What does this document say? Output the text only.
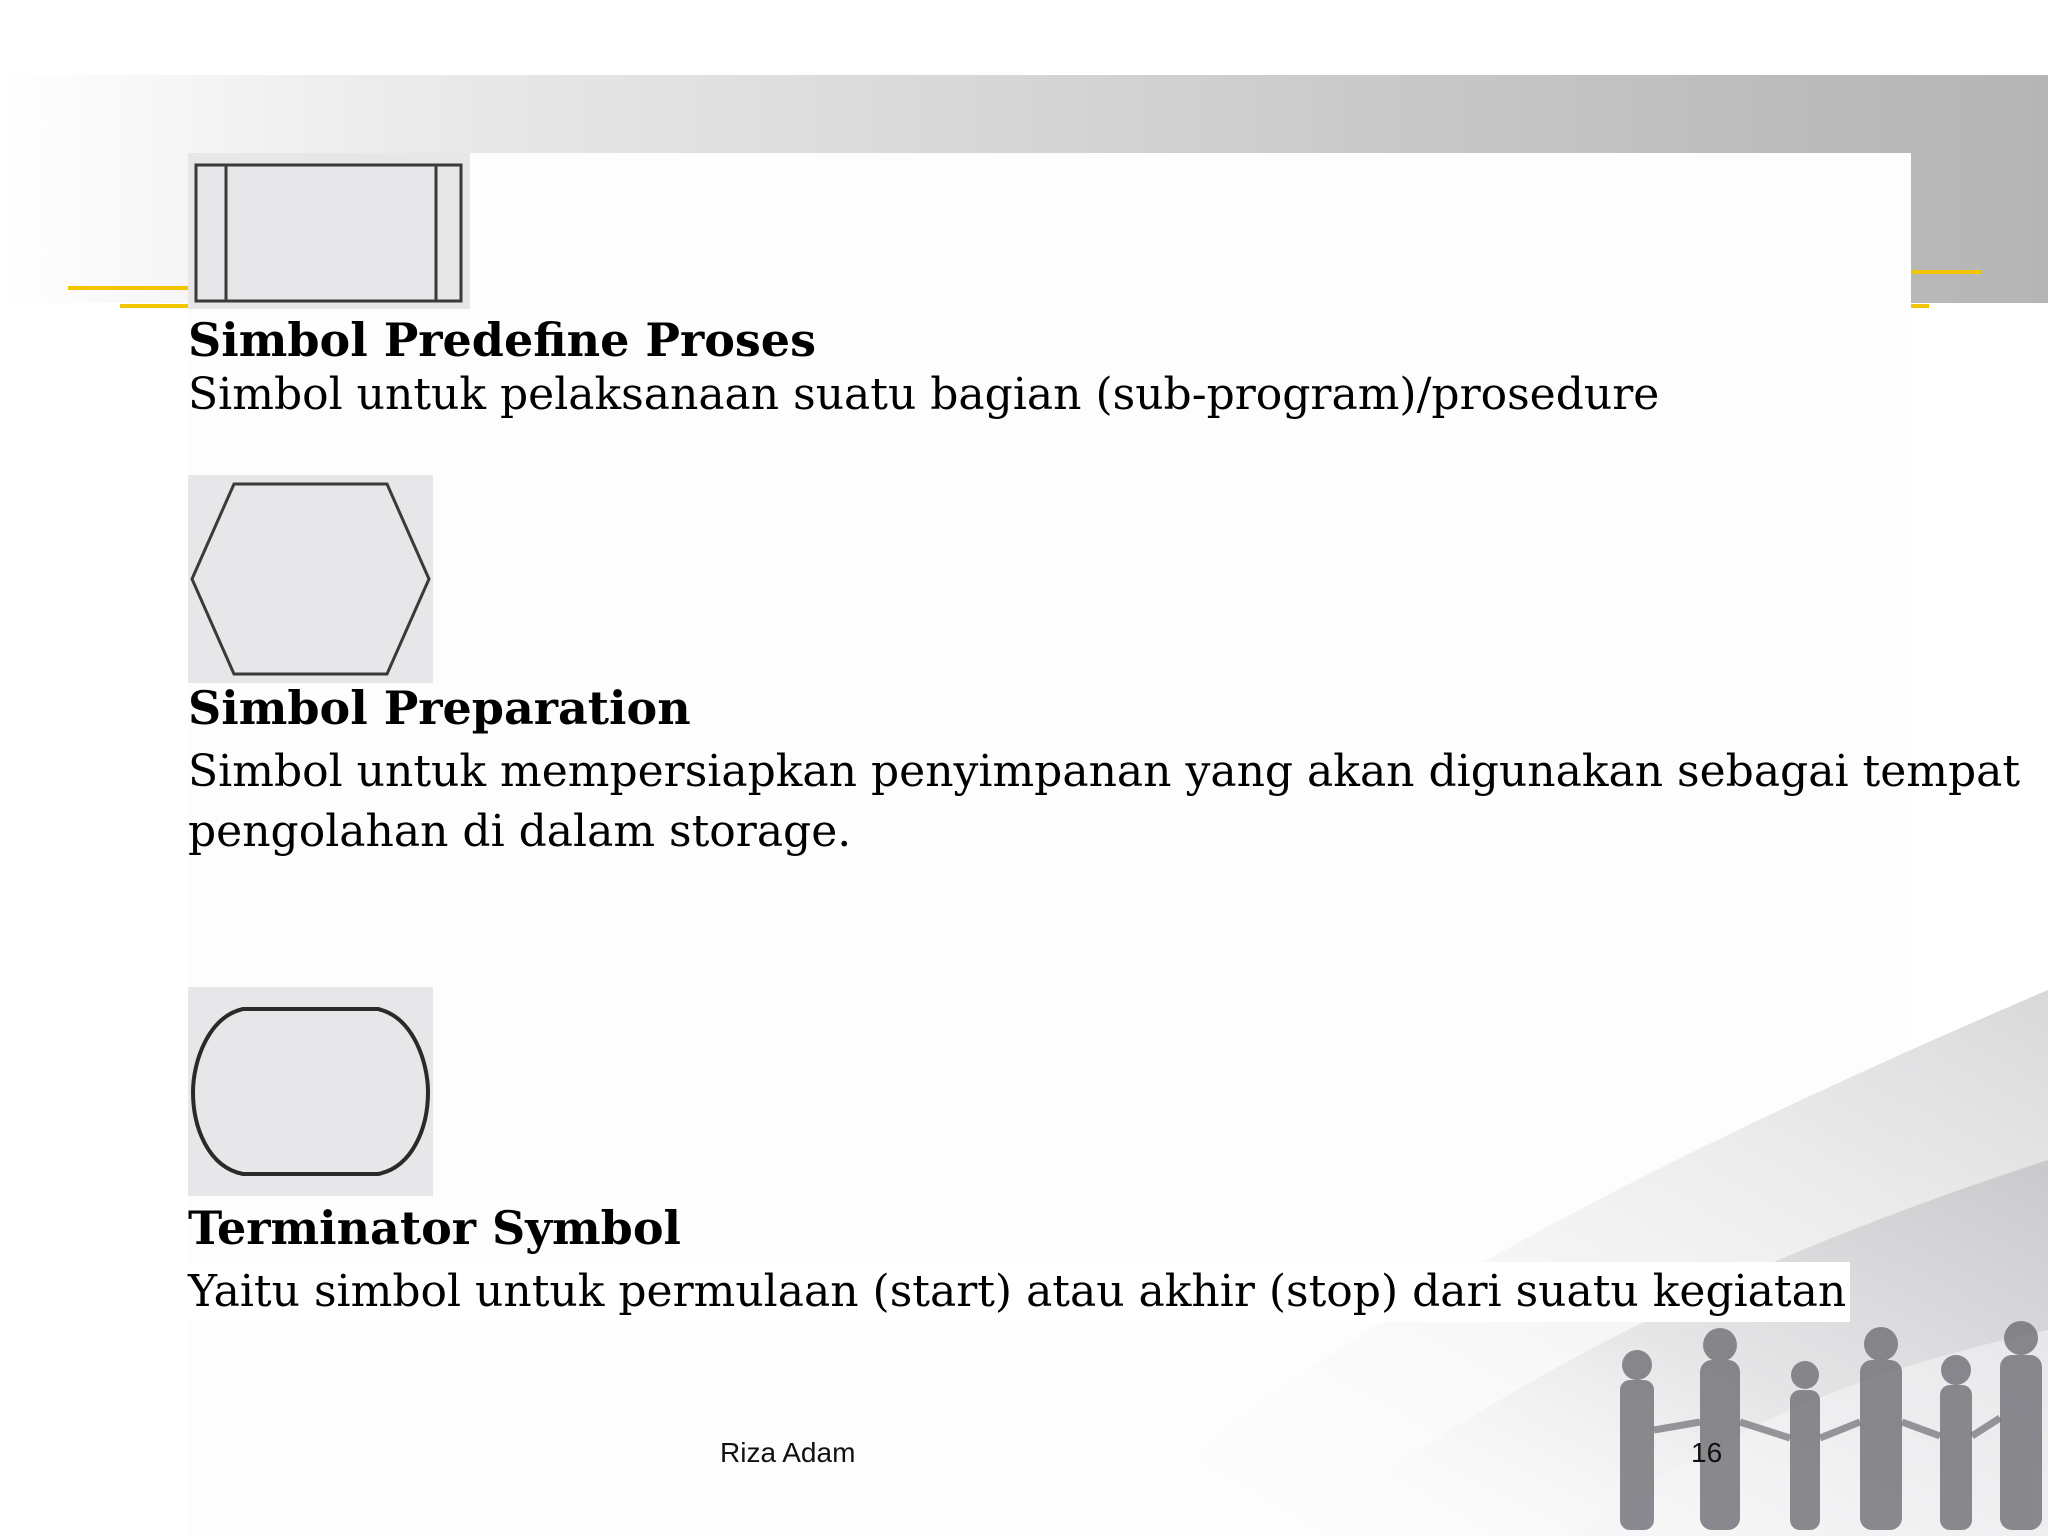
Simbol Predefine Proses

Simbol untuk pelaksanaan suatu bagian (sub-program)/prosedure

Simbol Preparation

Simbol untuk mempersiapkan penyimpanan yang akan digunakan sebagai tempat

pengolahan di dalam storage.

Terminator Symbol

Yaitu simbol untuk permulaan (start) atau akhir (stop) dari suatu kegiatan

Riza Adam	16
